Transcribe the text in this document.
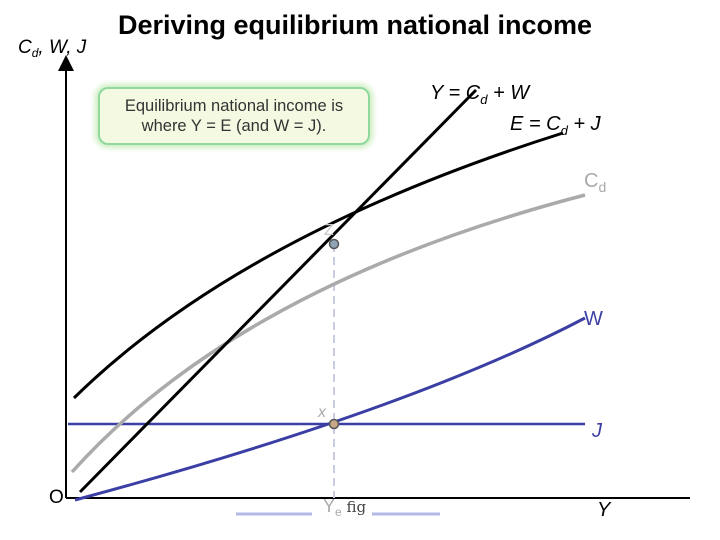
Deriving equilibrium national income
$C_d$, W, J
Z
x
$Y = C_d + W$
$E = C_d + J$
$C_d$
W
J
O
Y
$Y_e$ $^{fig}$
Equilibrium national income is
where Y = E (and W = J).
